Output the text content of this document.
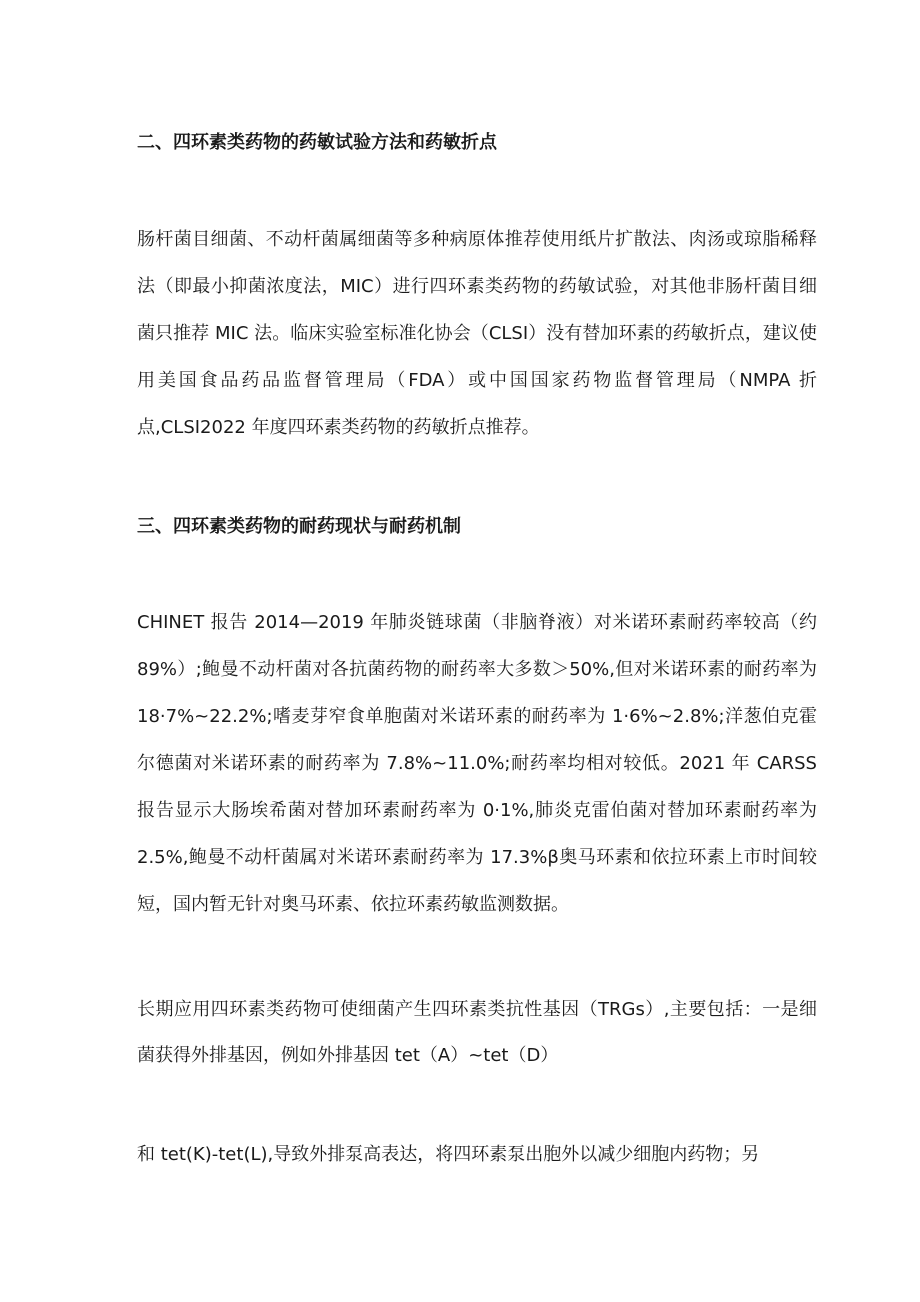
二、四环素类药物的药敏试验方法和药敏折点

肠杆菌目细菌、不动杆菌属细菌等多种病原体推荐使用纸片扩散法、肉汤或琼脂稀释法（即最小抑菌浓度法，MIC）进行四环素类药物的药敏试验，对其他非肠杆菌目细菌只推荐 MIC 法。临床实验室标准化协会（CLSI）没有替加环素的药敏折点，建议使用美国食品药品监督管理局（FDA）或中国国家药物监督管理局（NMPA 折点,CLSI2022 年度四环素类药物的药敏折点推荐。

三、四环素类药物的耐药现状与耐药机制

CHINET 报告 2014—2019 年肺炎链球菌（非脑脊液）对米诺环素耐药率较高（约 89%）;鲍曼不动杆菌对各抗菌药物的耐药率大多数＞50%,但对米诺环素的耐药率为 18·7%~22.2%;嗜麦芽窄食单胞菌对米诺环素的耐药率为 1·6%~2.8%;洋葱伯克霍尔德菌对米诺环素的耐药率为 7.8%~11.0%;耐药率均相对较低。2021 年 CARSS 报告显示大肠埃希菌对替加环素耐药率为 0·1%,肺炎克雷伯菌对替加环素耐药率为 2.5%,鲍曼不动杆菌属对米诺环素耐药率为 17.3%β奥马环素和依拉环素上市时间较短，国内暂无针对奥马环素、依拉环素药敏监测数据。

长期应用四环素类药物可使细菌产生四环素类抗性基因（TRGs）,主要包括：一是细菌获得外排基因，例如外排基因 tet（A）~tet（D）

和 tet(K)-tet(L),导致外排泵高表达，将四环素泵出胞外以减少细胞内药物；另
